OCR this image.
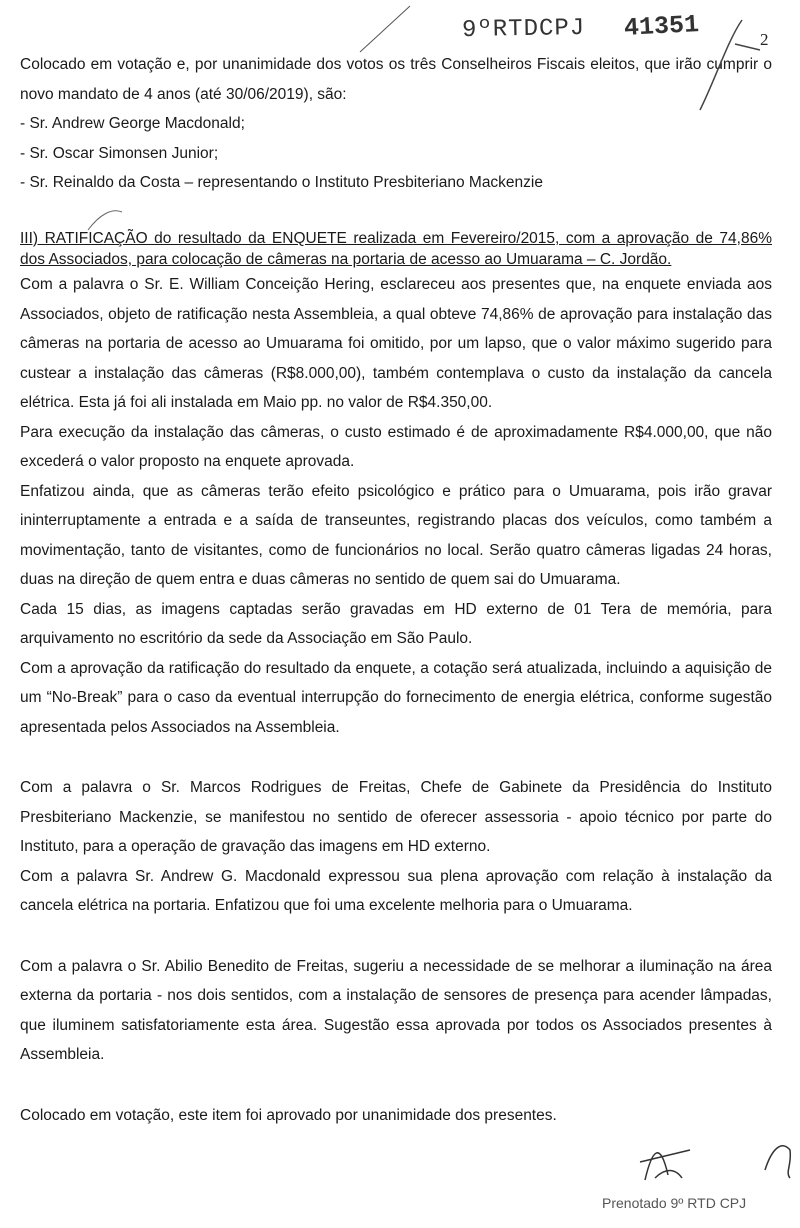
9ºRTDCPJ 41351	2

Colocado em votação e, por unanimidade dos votos os três Conselheiros Fiscais eleitos, que irão cumprir o novo mandato de 4 anos (até 30/06/2019), são:

- Sr. Andrew George Macdonald;

- Sr. Oscar Simonsen Junior;

- Sr. Reinaldo da Costa – representando o Instituto Presbiteriano Mackenzie

III) RATIFICAÇÃO do resultado da ENQUETE realizada em Fevereiro/2015, com a aprovação de 74,86% dos Associados, para colocação de câmeras na portaria de acesso ao Umuarama – C. Jordão.

Com a palavra o Sr. E. William Conceição Hering, esclareceu aos presentes que, na enquete enviada aos Associados, objeto de ratificação nesta Assembleia, a qual obteve 74,86% de aprovação para instalação das câmeras na portaria de acesso ao Umuarama foi omitido, por um lapso, que o valor máximo sugerido para custear a instalação das câmeras (R$8.000,00), também contemplava o custo da instalação da cancela elétrica. Esta já foi ali instalada em Maio pp. no valor de R$4.350,00.

Para execução da instalação das câmeras, o custo estimado é de aproximadamente R$4.000,00, que não excederá o valor proposto na enquete aprovada.

Enfatizou ainda, que as câmeras terão efeito psicológico e prático para o Umuarama, pois irão gravar ininterruptamente a entrada e a saída de transeuntes, registrando placas dos veículos, como também a movimentação, tanto de visitantes, como de funcionários no local. Serão quatro câmeras ligadas 24 horas, duas na direção de quem entra e duas câmeras no sentido de quem sai do Umuarama.

Cada 15 dias, as imagens captadas serão gravadas em HD externo de 01 Tera de memória, para arquivamento no escritório da sede da Associação em São Paulo.

Com a aprovação da ratificação do resultado da enquete, a cotação será atualizada, incluindo a aquisição de um “No-Break” para o caso da eventual interrupção do fornecimento de energia elétrica, conforme sugestão apresentada pelos Associados na Assembleia.

Com a palavra o Sr. Marcos Rodrigues de Freitas, Chefe de Gabinete da Presidência do Instituto Presbiteriano Mackenzie, se manifestou no sentido de oferecer assessoria - apoio técnico por parte do Instituto, para a operação de gravação das imagens em HD externo.

Com a palavra Sr. Andrew G. Macdonald expressou sua plena aprovação com relação à instalação da cancela elétrica na portaria. Enfatizou que foi uma excelente melhoria para o Umuarama.

Com a palavra o Sr. Abilio Benedito de Freitas, sugeriu a necessidade de se melhorar a iluminação na área externa da portaria - nos dois sentidos, com a instalação de sensores de presença para acender lâmpadas, que iluminem satisfatoriamente esta área. Sugestão essa aprovada por todos os Associados presentes à Assembleia.

Colocado em votação, este item foi aprovado por unanimidade dos presentes.

Prenotado 9º RTD CPJ
